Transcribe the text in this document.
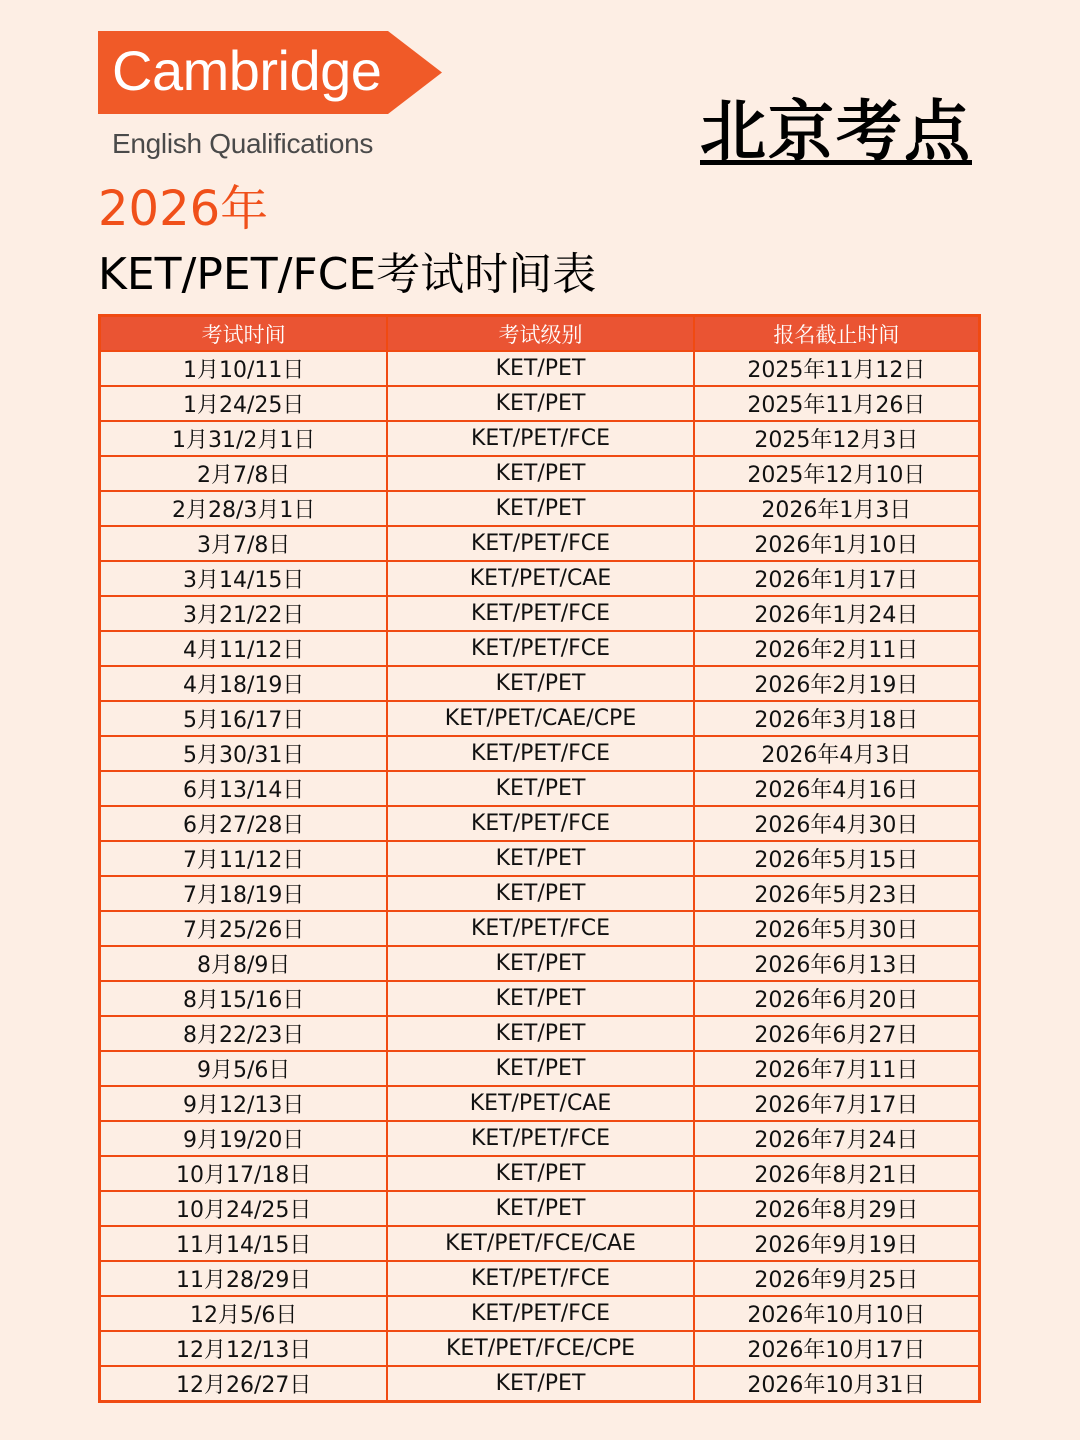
Cambridge
English Qualifications	北京考点
2026年
KET/PET/FCE考试时间表
考试时间	考试级别	报名截止时间
1月10/11日	KET/PET	2025年11月12日
1月24/25日	KET/PET	2025年11月26日
1月31/2月1日	KET/PET/FCE	2025年12月3日
2月7/8日	KET/PET	2025年12月10日
2月28/3月1日	KET/PET	2026年1月3日
3月7/8日	KET/PET/FCE	2026年1月10日
3月14/15日	KET/PET/CAE	2026年1月17日
3月21/22日	KET/PET/FCE	2026年1月24日
4月11/12日	KET/PET/FCE	2026年2月11日
4月18/19日	KET/PET	2026年2月19日
5月16/17日	KET/PET/CAE/CPE	2026年3月18日
5月30/31日	KET/PET/FCE	2026年4月3日
6月13/14日	KET/PET	2026年4月16日
6月27/28日	KET/PET/FCE	2026年4月30日
7月11/12日	KET/PET	2026年5月15日
7月18/19日	KET/PET	2026年5月23日
7月25/26日	KET/PET/FCE	2026年5月30日
8月8/9日	KET/PET	2026年6月13日
8月15/16日	KET/PET	2026年6月20日
8月22/23日	KET/PET	2026年6月27日
9月5/6日	KET/PET	2026年7月11日
9月12/13日	KET/PET/CAE	2026年7月17日
9月19/20日	KET/PET/FCE	2026年7月24日
10月17/18日	KET/PET	2026年8月21日
10月24/25日	KET/PET	2026年8月29日
11月14/15日	KET/PET/FCE/CAE	2026年9月19日
11月28/29日	KET/PET/FCE	2026年9月25日
12月5/6日	KET/PET/FCE	2026年10月10日
12月12/13日	KET/PET/FCE/CPE	2026年10月17日
12月26/27日	KET/PET	2026年10月31日
